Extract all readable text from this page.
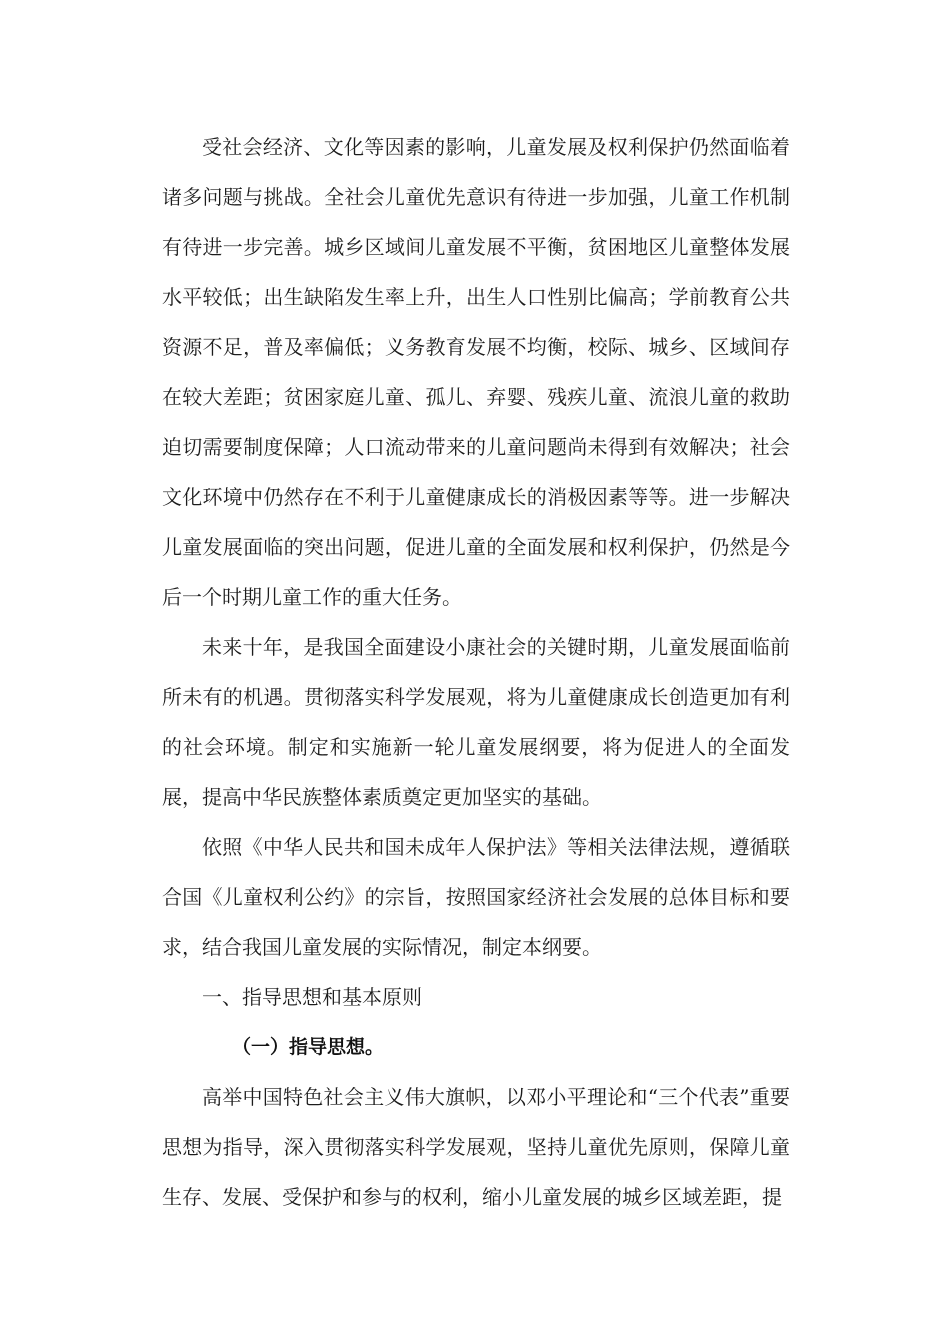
受社会经济、文化等因素的影响，儿童发展及权利保护仍然面临着诸多问题与挑战。全社会儿童优先意识有待进一步加强，儿童工作机制有待进一步完善。城乡区域间儿童发展不平衡，贫困地区儿童整体发展水平较低；出生缺陷发生率上升，出生人口性别比偏高；学前教育公共资源不足，普及率偏低；义务教育发展不均衡，校际、城乡、区域间存在较大差距；贫困家庭儿童、孤儿、弃婴、残疾儿童、流浪儿童的救助迫切需要制度保障；人口流动带来的儿童问题尚未得到有效解决；社会文化环境中仍然存在不利于儿童健康成长的消极因素等等。进一步解决儿童发展面临的突出问题，促进儿童的全面发展和权利保护，仍然是今后一个时期儿童工作的重大任务。

未来十年，是我国全面建设小康社会的关键时期，儿童发展面临前所未有的机遇。贯彻落实科学发展观，将为儿童健康成长创造更加有利的社会环境。制定和实施新一轮儿童发展纲要，将为促进人的全面发展，提高中华民族整体素质奠定更加坚实的基础。

依照《中华人民共和国未成年人保护法》等相关法律法规，遵循联合国《儿童权利公约》的宗旨，按照国家经济社会发展的总体目标和要求，结合我国儿童发展的实际情况，制定本纲要。

一、指导思想和基本原则

（一）指导思想。

高举中国特色社会主义伟大旗帜，以邓小平理论和“三个代表”重要思想为指导，深入贯彻落实科学发展观，坚持儿童优先原则，保障儿童生存、发展、受保护和参与的权利，缩小儿童发展的城乡区域差距，提
